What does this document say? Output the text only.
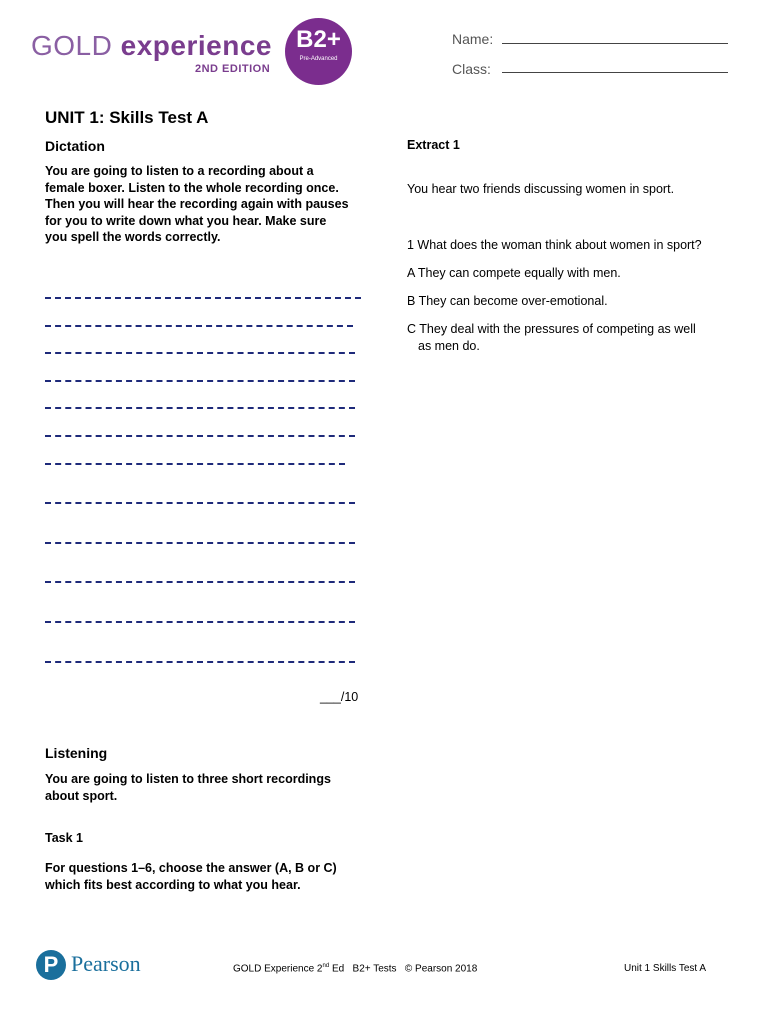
GOLD experience
2ND EDITION
B2+
Pre-Advanced
Name:
Class:
UNIT 1: Skills Test A
Dictation
You are going to listen to a recording about a
female boxer. Listen to the whole recording once.
Then you will hear the recording again with pauses
for you to write down what you hear. Make sure
you spell the words correctly.
___/10
Listening
You are going to listen to three short recordings
about sport.
Task 1
For questions 1–6, choose the answer (A, B or C)
which fits best according to what you hear.
Extract 1
You hear two friends discussing women in sport.
1 What does the woman think about women in sport?
A They can compete equally with men.
B They can become over-emotional.
C They deal with the pressures of competing as well
as men do.
P Pearson	GOLD Experience 2nd Ed   B2+ Tests   © Pearson 2018	Unit 1 Skills Test A
